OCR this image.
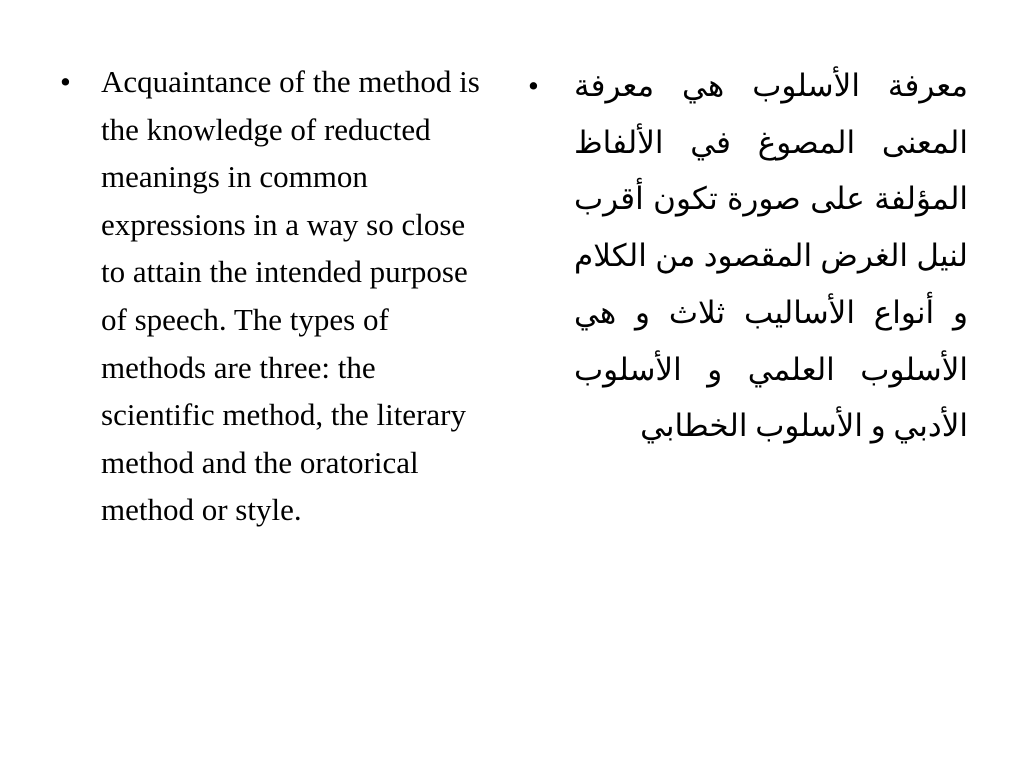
• Acquaintance of the method is the knowledge of reducted meanings in common expressions in a way so close to attain the intended purpose of speech. The types of methods are three: the scientific method, the literary method and the oratorical method or style.
• معرفة الأسلوب هي معرفة المعنى المصوغ في الألفاظ المؤلفة على صورة تكون أقرب لنيل الغرض المقصود من الكلام و أنواع الأساليب ثلاث و هي الأسلوب العلمي و الأسلوب الأدبي و الأسلوب الخطابي
